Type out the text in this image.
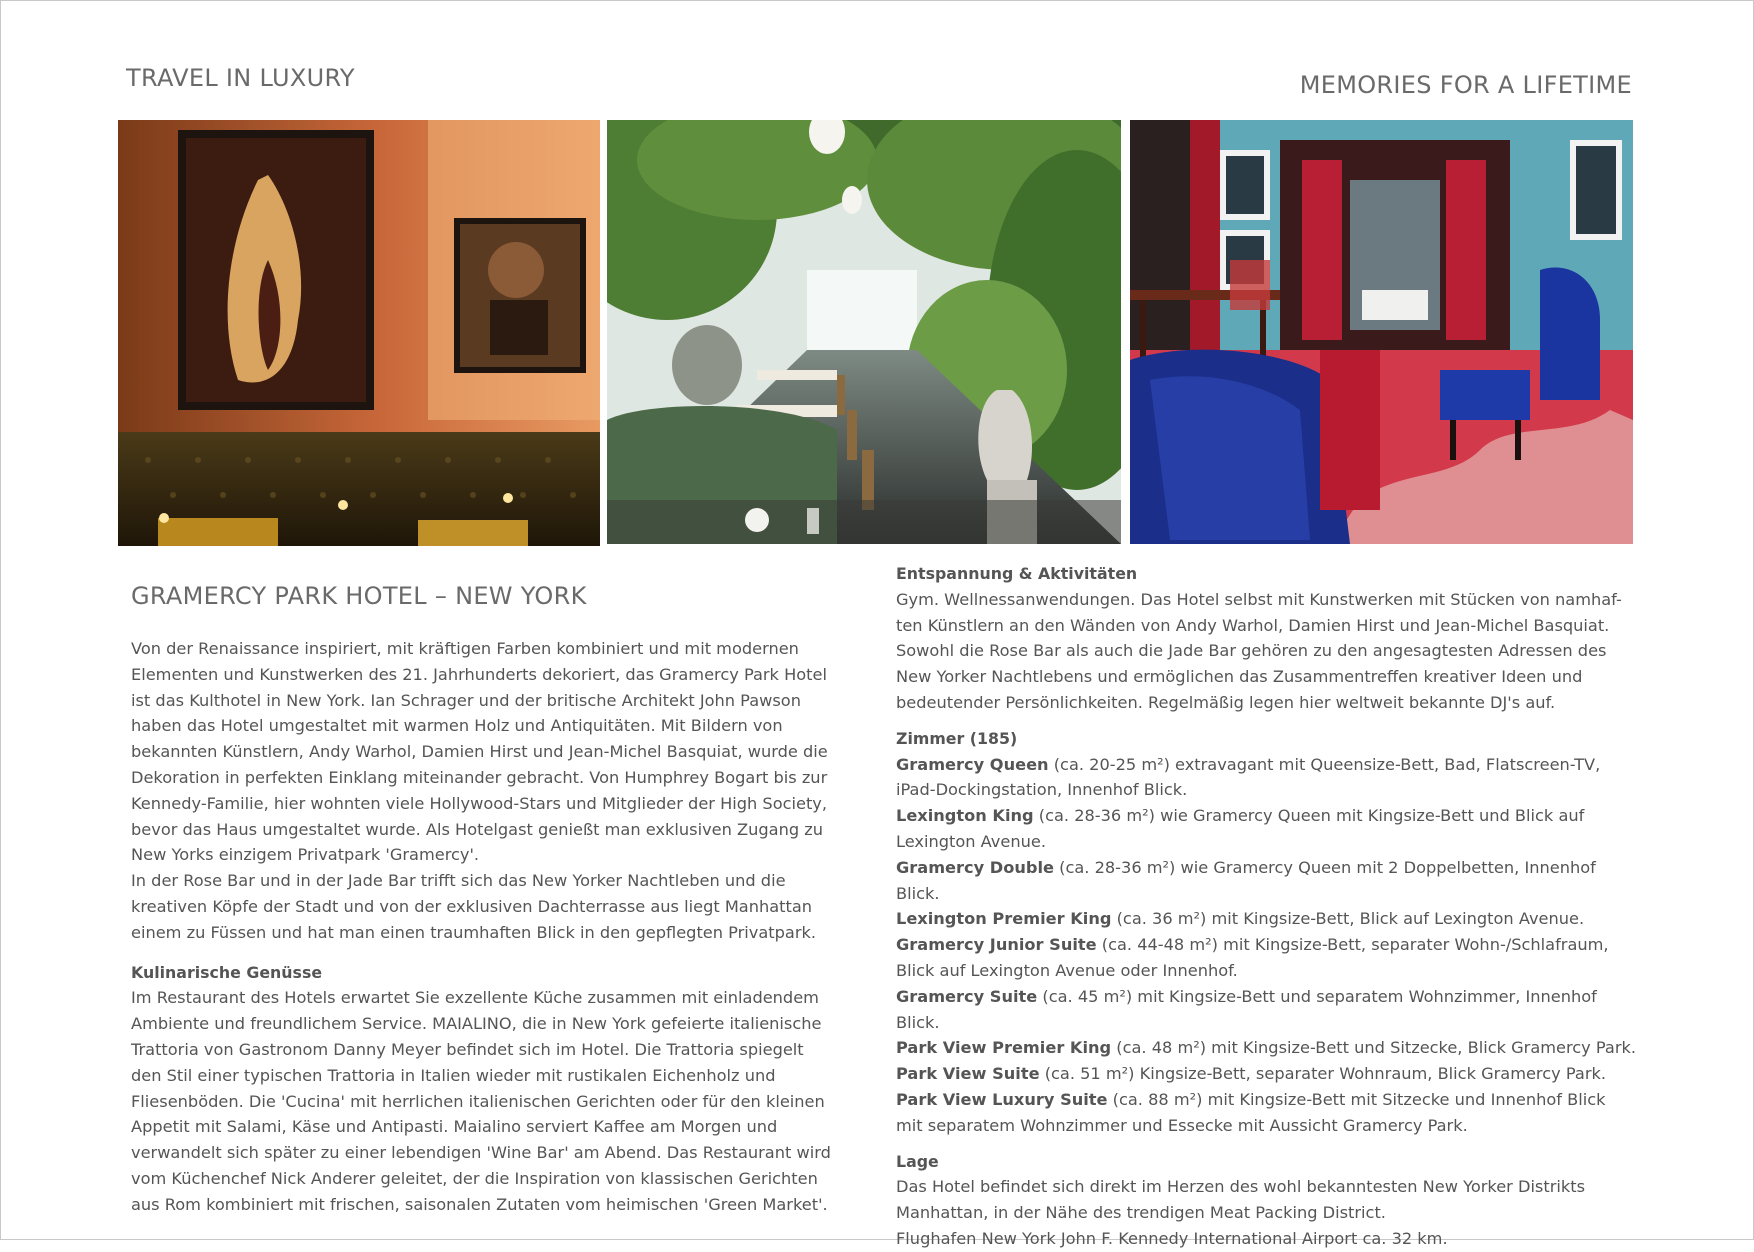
TRAVEL IN LUXURY	MEMORIES FOR A LIFETIME
GRAMERCY PARK HOTEL – NEW YORK

Von der Renaissance inspiriert, mit kräftigen Farben kombiniert und mit modernen Elementen und Kunstwerken des 21. Jahrhunderts dekoriert, das Gramercy Park Hotel ist das Kulthotel in New York. Ian Schrager und der britische Architekt John Pawson haben das Hotel umgestaltet mit warmen Holz und Antiquitäten. Mit Bildern von bekannten Künstlern, Andy Warhol, Damien Hirst und Jean-Michel Basquiat, wurde die Dekoration in perfekten Einklang miteinander gebracht. Von Humphrey Bogart bis zur Kennedy-Familie, hier wohnten viele Hollywood-Stars und Mitglieder der High Society, bevor das Haus umgestaltet wurde. Als Hotelgast genießt man exklusiven Zugang zu New Yorks einzigem Privatpark 'Gramercy'.

In der Rose Bar und in der Jade Bar trifft sich das New Yorker Nachtleben und die kreativen Köpfe der Stadt und von der exklusiven Dachterrasse aus liegt Manhattan einem zu Füssen und hat man einen traumhaften Blick in den gepflegten Privatpark.

Kulinarische Genüsse

Im Restaurant des Hotels erwartet Sie exzellente Küche zusammen mit einladendem Ambiente und freundlichem Service. MAIALINO, die in New York gefeierte italienische Trattoria von Gastronom Danny Meyer befindet sich im Hotel. Die Trattoria spiegelt den Stil einer typischen Trattoria in Italien wieder mit rustikalen Eichenholz und Fliesenböden. Die 'Cucina' mit herrlichen italienischen Gerichten oder für den kleinen Appetit mit Salami, Käse und Antipasti. Maialino serviert Kaffee am Morgen und verwandelt sich später zu einer lebendigen 'Wine Bar' am Abend. Das Restaurant wird vom Küchenchef Nick Anderer geleitet, der die Inspiration von klassischen Gerichten aus Rom kombiniert mit frischen, saisonalen Zutaten vom heimischen 'Green Market'.

Entspannung & Aktivitäten

Gym. Wellnessanwendungen. Das Hotel selbst mit Kunstwerken mit Stücken von namhaf-ten Künstlern an den Wänden von Andy Warhol, Damien Hirst und Jean-Michel Basquiat. Sowohl die Rose Bar als auch die Jade Bar gehören zu den angesagtesten Adressen des New Yorker Nachtlebens und ermöglichen das Zusammentreffen kreativer Ideen und bedeutender Persönlichkeiten. Regelmäßig legen hier weltweit bekannte DJ's auf.

Zimmer (185)

Gramercy Queen (ca. 20-25 m²) extravagant mit Queensize-Bett, Bad, Flatscreen-TV, iPad-Dockingstation, Innenhof Blick.

Lexington King (ca. 28-36 m²) wie Gramercy Queen mit Kingsize-Bett und Blick auf Lexington Avenue.

Gramercy Double (ca. 28-36 m²) wie Gramercy Queen mit 2 Doppelbetten, Innenhof Blick.

Lexington Premier King (ca. 36 m²) mit Kingsize-Bett, Blick auf Lexington Avenue.

Gramercy Junior Suite (ca. 44-48 m²) mit Kingsize-Bett, separater Wohn-/Schlafraum, Blick auf Lexington Avenue oder Innenhof.

Gramercy Suite (ca. 45 m²) mit Kingsize-Bett und separatem Wohnzimmer, Innenhof Blick.

Park View Premier King (ca. 48 m²) mit Kingsize-Bett und Sitzecke, Blick Gramercy Park.

Park View Suite (ca. 51 m²) Kingsize-Bett, separater Wohnraum, Blick Gramercy Park.

Park View Luxury Suite (ca. 88 m²) mit Kingsize-Bett mit Sitzecke und Innenhof Blick mit separatem Wohnzimmer und Essecke mit Aussicht Gramercy Park.

Lage

Das Hotel befindet sich direkt im Herzen des wohl bekanntesten New Yorker Distrikts Manhattan, in der Nähe des trendigen Meat Packing District.

Flughafen New York John F. Kennedy International Airport ca. 32 km.
